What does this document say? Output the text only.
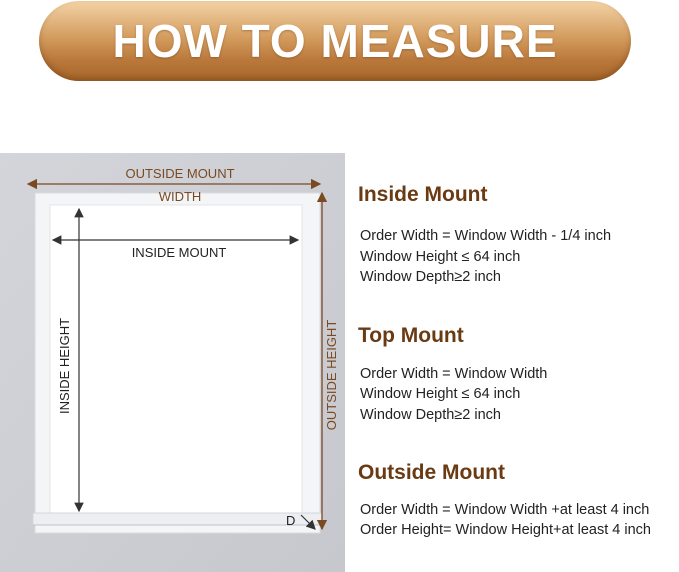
HOW TO MEASURE
OUTSIDE MOUNT
WIDTH
INSIDE MOUNT
INSIDE HEIGHT	OUTSIDE HEIGHT
D
Inside Mount
Order Width = Window Width - 1/4 inch
Window Height ≤ 64 inch
Window Depth≥2 inch
Top Mount
Order Width = Window Width
Window Height ≤ 64 inch
Window Depth≥2 inch
Outside Mount
Order Width = Window Width +at least 4 inch
Order Height= Window Height+at least 4 inch
